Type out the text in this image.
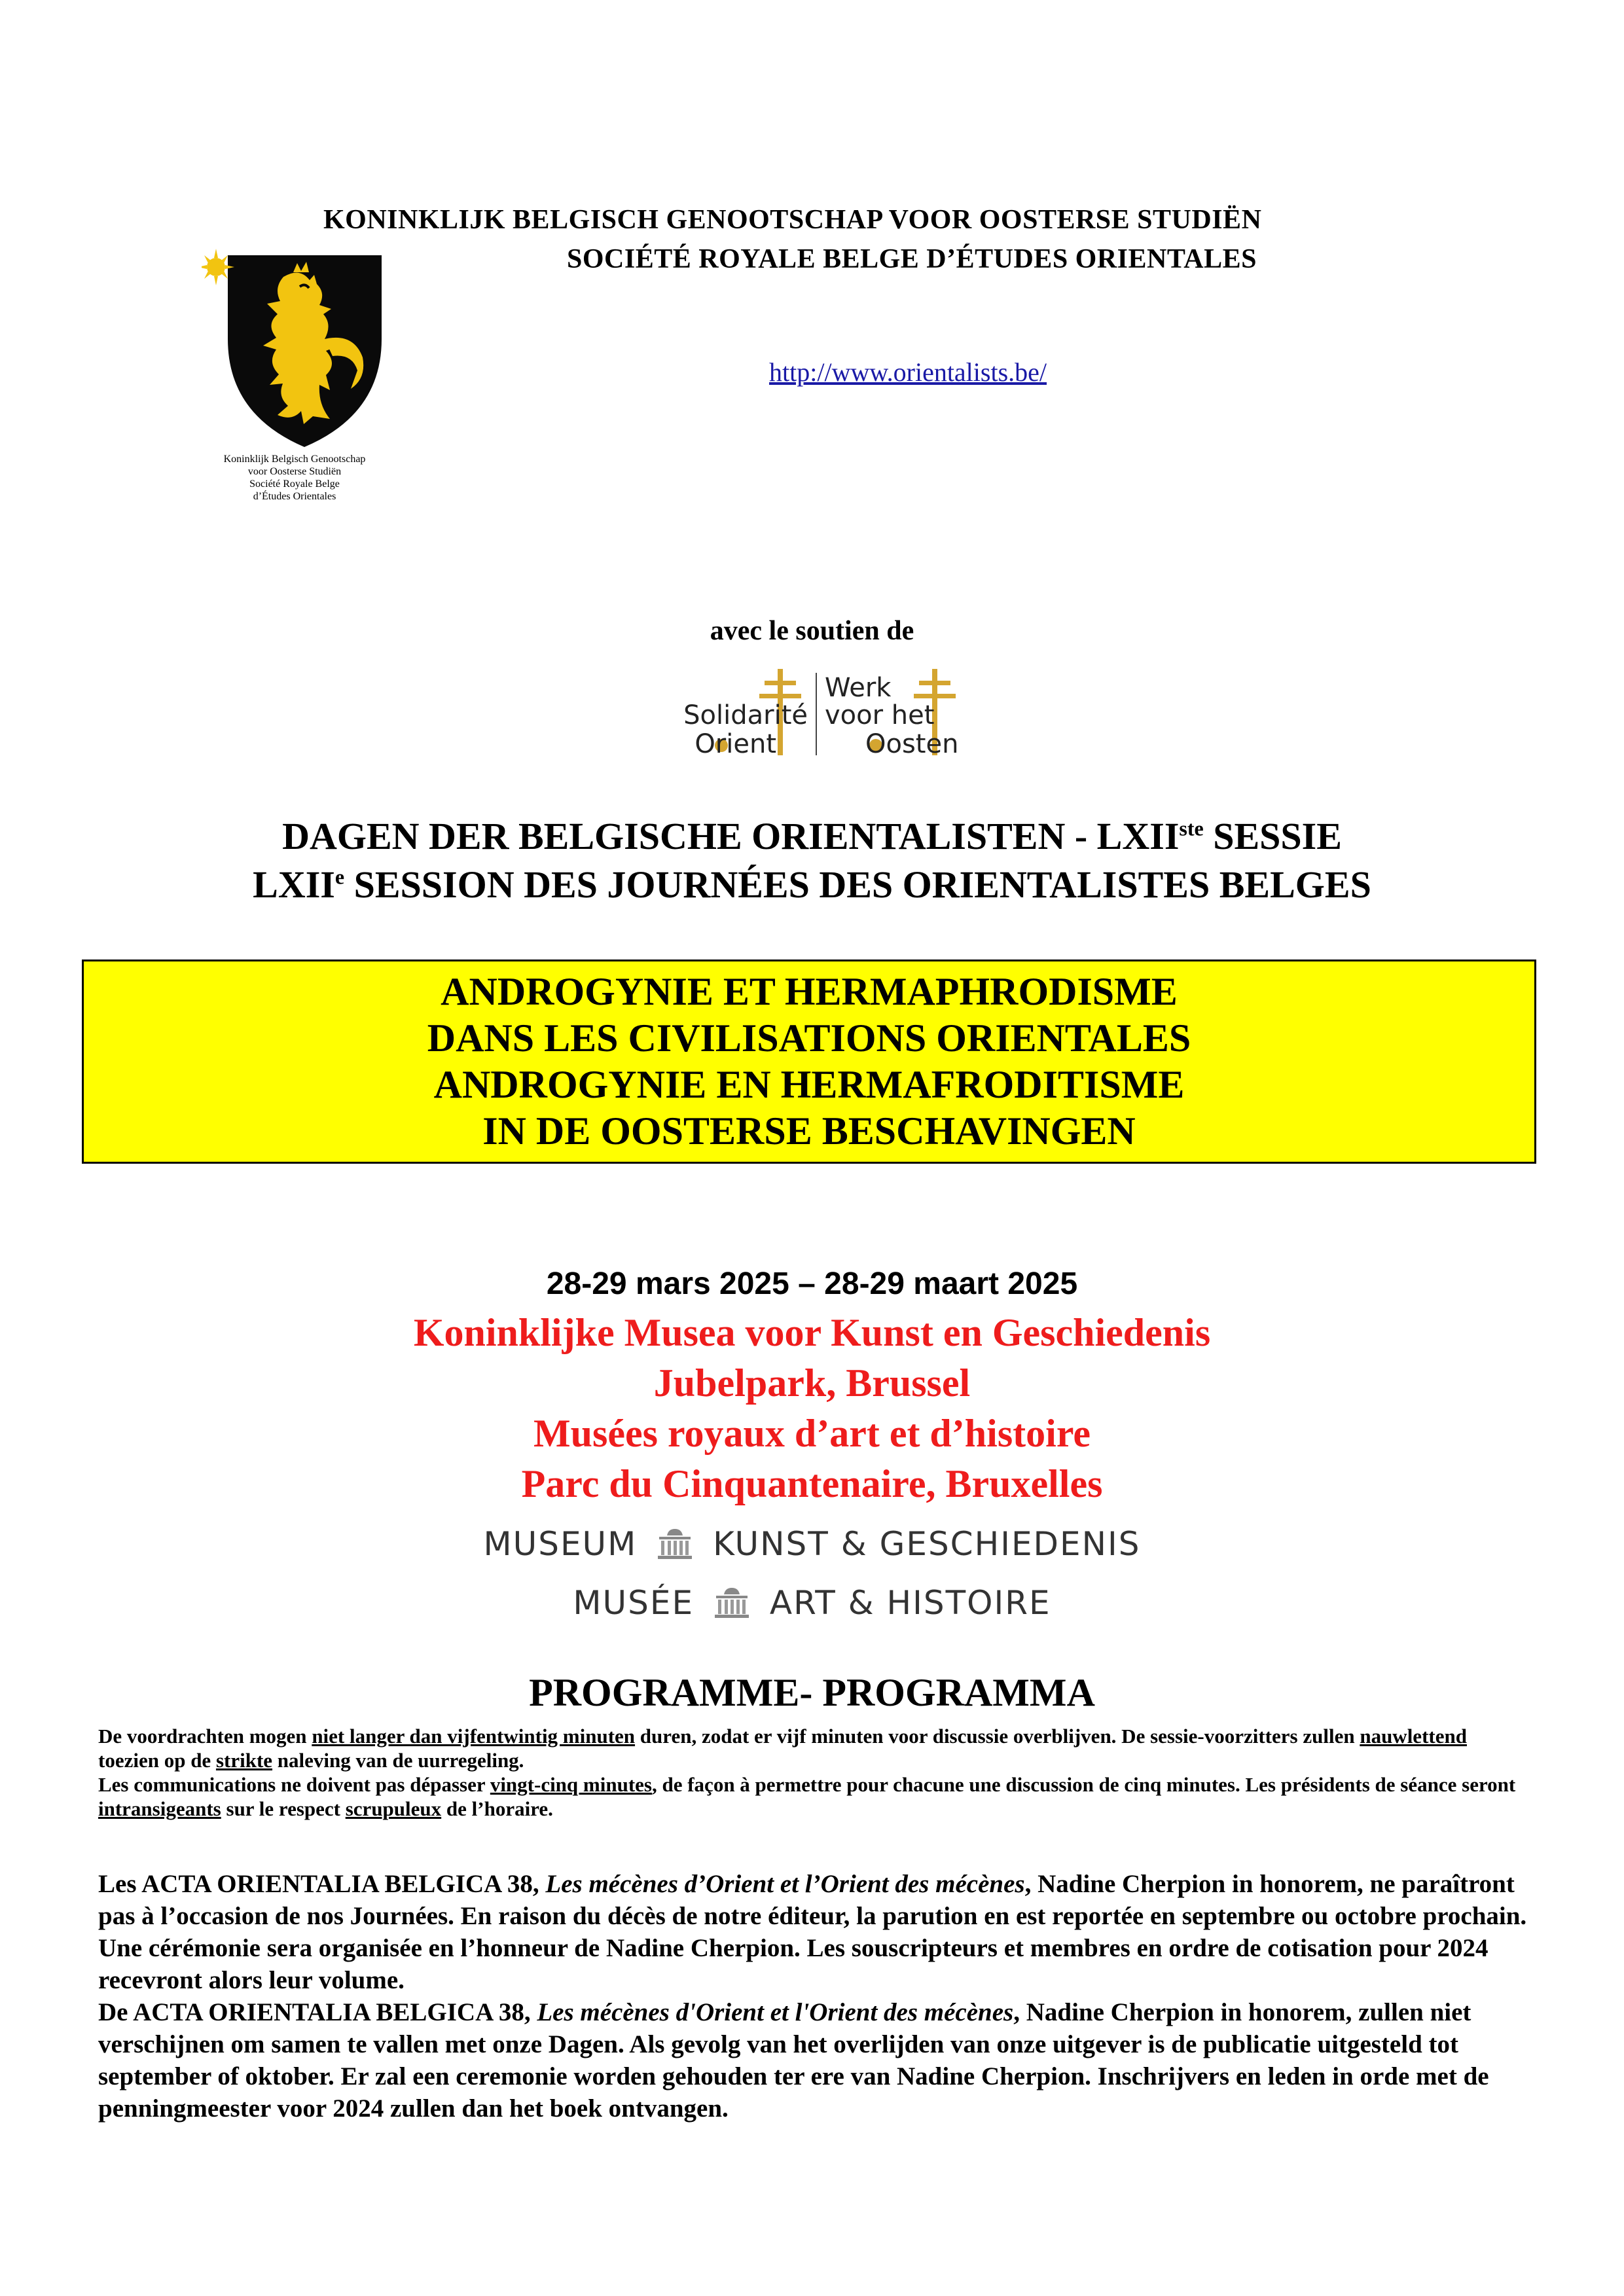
KONINKLIJK BELGISCH GENOOTSCHAP VOOR OOSTERSE STUDIËN
SOCIÉTÉ ROYALE BELGE D’ÉTUDES ORIENTALES
http://www.orientalists.be/
Koninklijk Belgisch Genootschap
voor Oosterse Studiën
Société Royale Belge
d’Études Orientales
avec le soutien de
Solidarité
Orient
Werk
voor het
Oosten
DAGEN DER BELGISCHE ORIENTALISTEN - LXIIste SESSIE
LXIIe SESSION DES JOURNÉES DES ORIENTALISTES BELGES
ANDROGYNIE ET HERMAPHRODISME
DANS LES CIVILISATIONS ORIENTALES
ANDROGYNIE EN HERMAFRODITISME
IN DE OOSTERSE BESCHAVINGEN
28-29 mars 2025 – 28-29 maart 2025
Koninklijke Musea voor Kunst en Geschiedenis
Jubelpark, Brussel
Musées royaux d’art et d’histoire
Parc du Cinquantenaire, Bruxelles
MUSEUM KUNST & GESCHIEDENIS
MUSÉE ART & HISTOIRE
PROGRAMME- PROGRAMMA

De voordrachten mogen niet langer dan vijfentwintig minuten duren, zodat er vijf minuten voor discussie overblijven. De sessie-voorzitters zullen nauwlettend toezien op de strikte naleving van de uurregeling.

Les communications ne doivent pas dépasser vingt-cinq minutes, de façon à permettre pour chacune une discussion de cinq minutes. Les présidents de séance seront intransigeants sur le respect scrupuleux de l’horaire.

Les ACTA ORIENTALIA BELGICA 38, Les mécènes d’Orient et l’Orient des mécènes, Nadine Cherpion in honorem, ne paraîtront pas à l’occasion de nos Journées. En raison du décès de notre éditeur, la parution en est reportée en septembre ou octobre prochain. Une cérémonie sera organisée en l’honneur de Nadine Cherpion. Les souscripteurs et membres en ordre de cotisation pour 2024 recevront alors leur volume.

De ACTA ORIENTALIA BELGICA 38, Les mécènes d'Orient et l'Orient des mécènes, Nadine Cherpion in honorem, zullen niet verschijnen om samen te vallen met onze Dagen. Als gevolg van het overlijden van onze uitgever is de publicatie uitgesteld tot september of oktober. Er zal een ceremonie worden gehouden ter ere van Nadine Cherpion. Inschrijvers en leden in orde met de penningmeester voor 2024 zullen dan het boek ontvangen.
